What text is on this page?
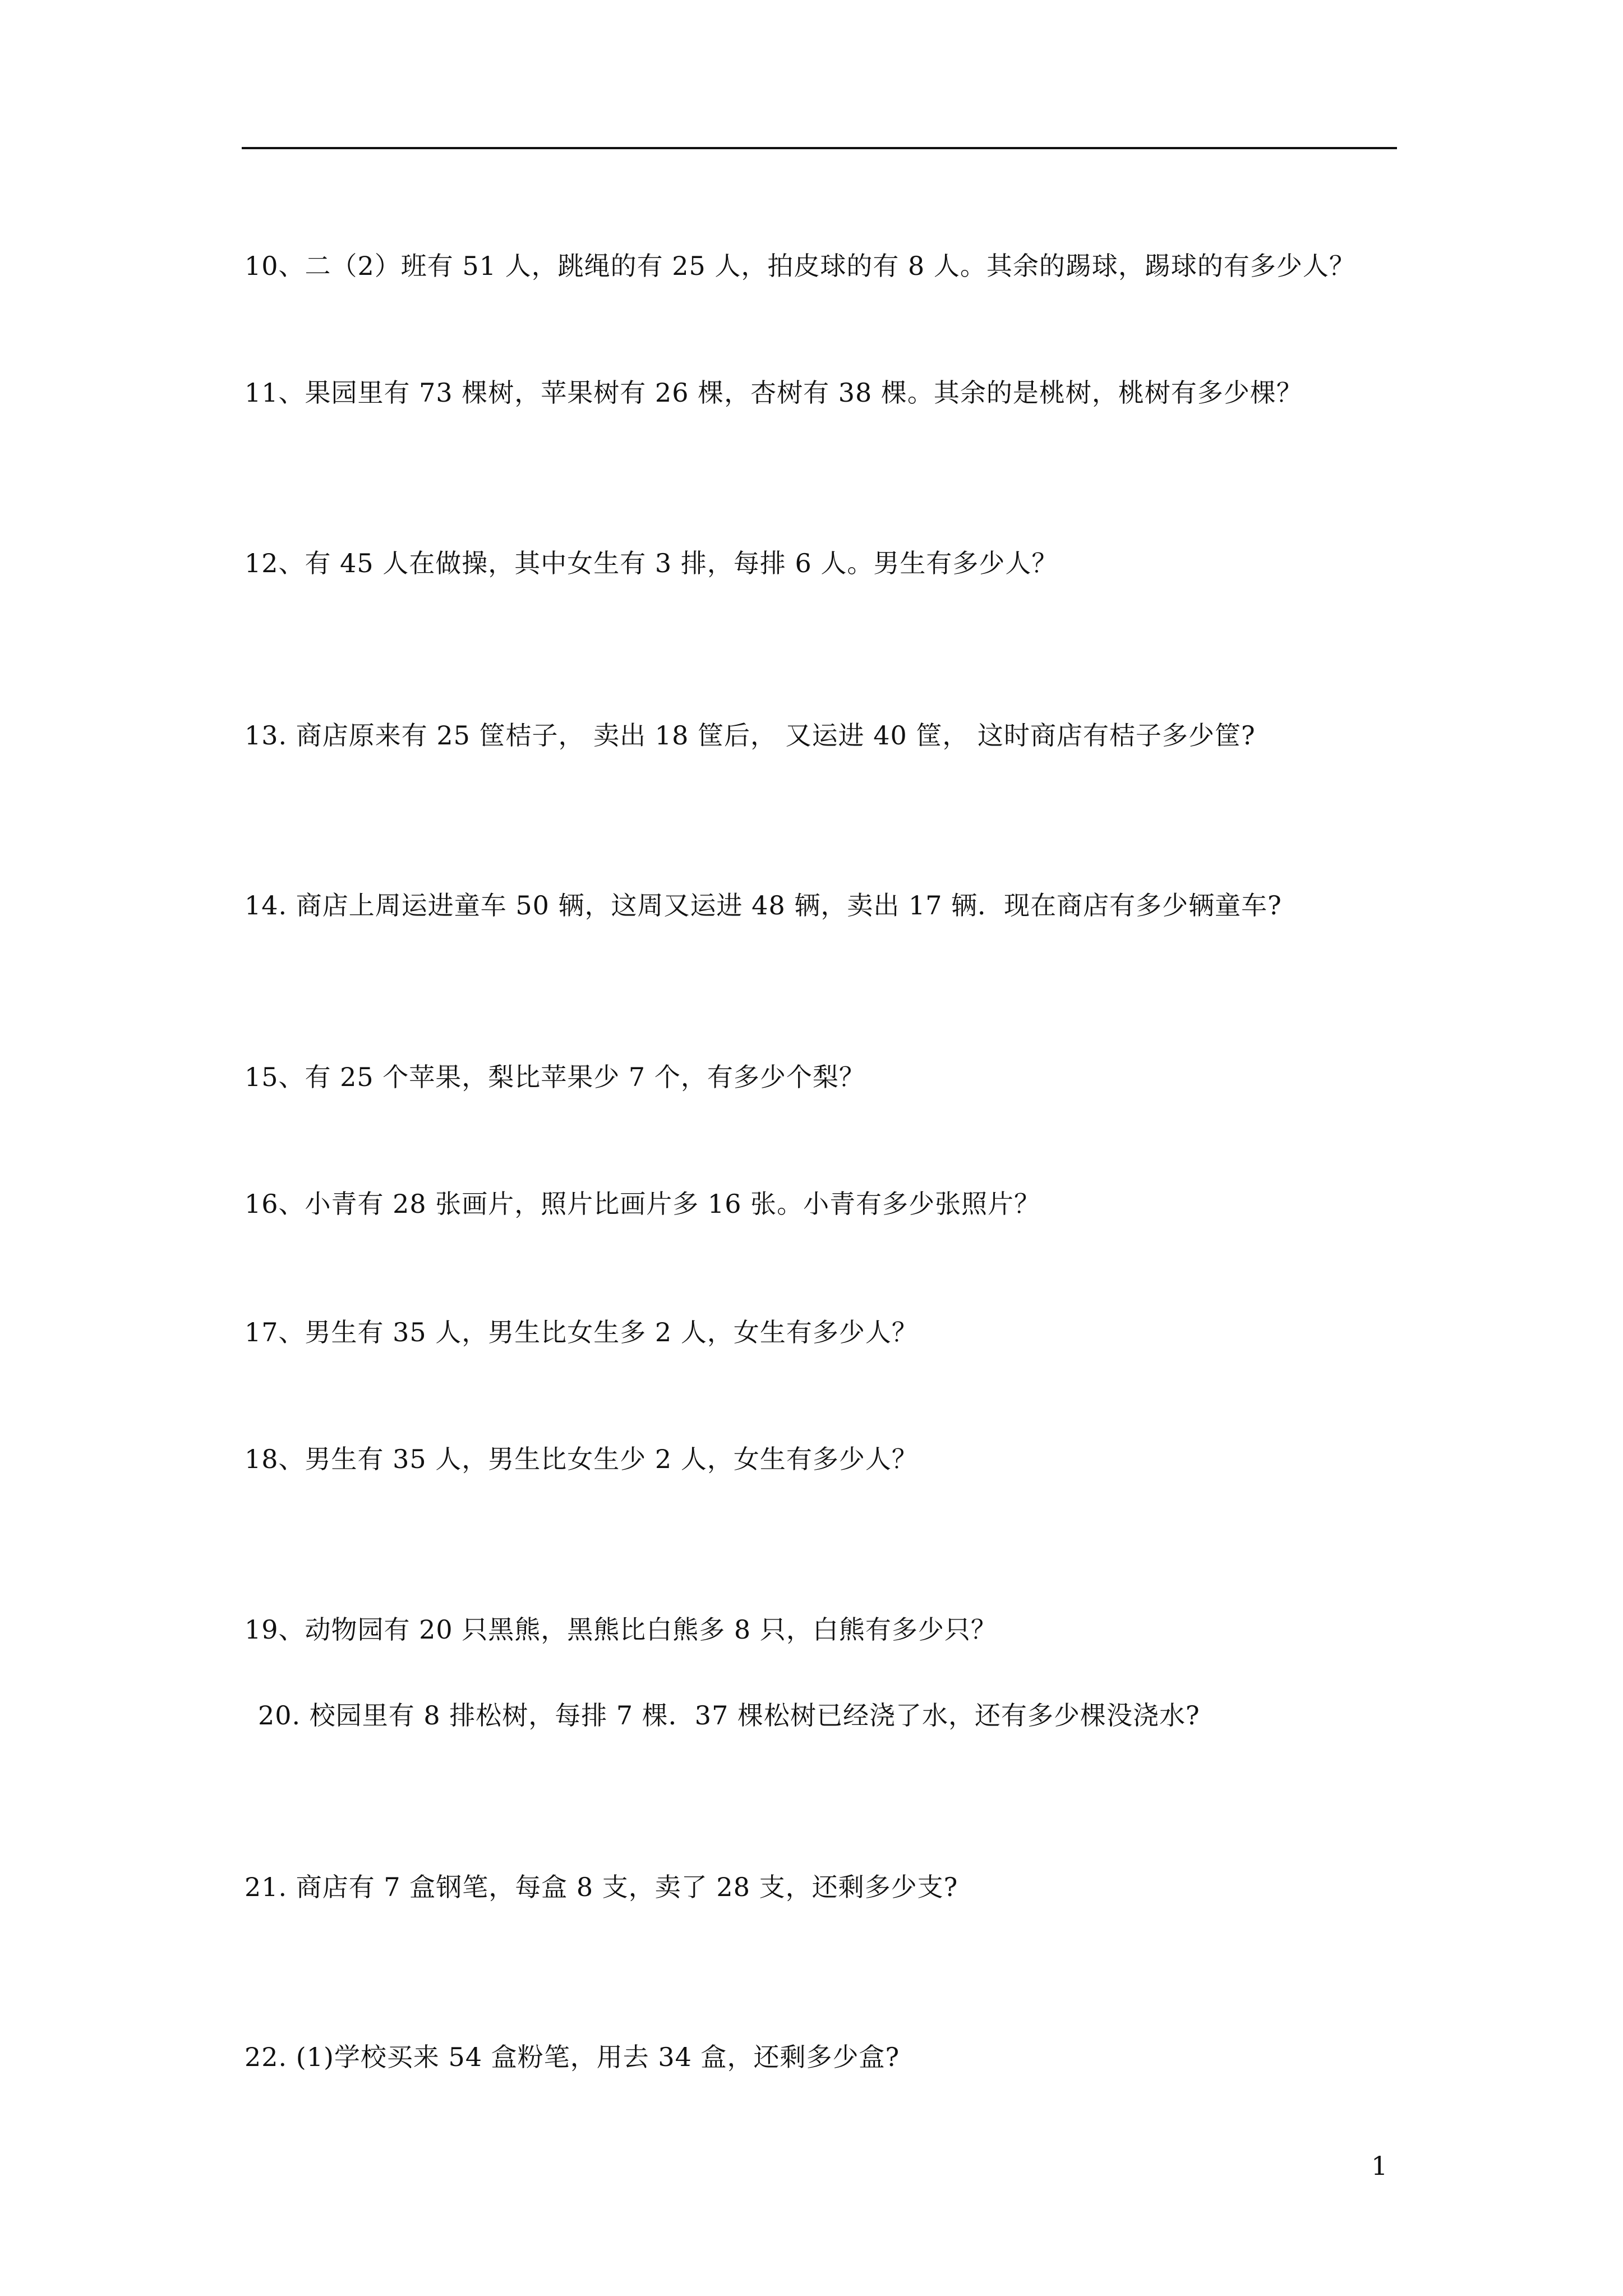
10、二（2）班有 51 人，跳绳的有 25 人，拍皮球的有 8 人。其余的踢球，踢球的有多少人？
11、果园里有 73 棵树，苹果树有 26 棵，杏树有 38 棵。其余的是桃树，桃树有多少棵？
12、有 45 人在做操，其中女生有 3 排，每排 6 人。男生有多少人？
13. 商店原来有 25 筐桔子， 卖出 18 筐后， 又运进 40 筐， 这时商店有桔子多少筐?
14. 商店上周运进童车 50 辆，这周又运进 48 辆，卖出 17 辆．现在商店有多少辆童车?
15、有 25 个苹果，梨比苹果少 7 个，有多少个梨？
16、小青有 28 张画片，照片比画片多 16 张。小青有多少张照片？
17、男生有 35 人，男生比女生多 2 人，女生有多少人？
18、男生有 35 人，男生比女生少 2 人，女生有多少人？
19、动物园有 20 只黑熊，黑熊比白熊多 8 只，白熊有多少只？
20. 校园里有 8 排松树，每排 7 棵．37 棵松树已经浇了水，还有多少棵没浇水?
21. 商店有 7 盒钢笔，每盒 8 支，卖了 28 支，还剩多少支?
22. (1)学校买来 54 盒粉笔，用去 34 盒，还剩多少盒?
1
